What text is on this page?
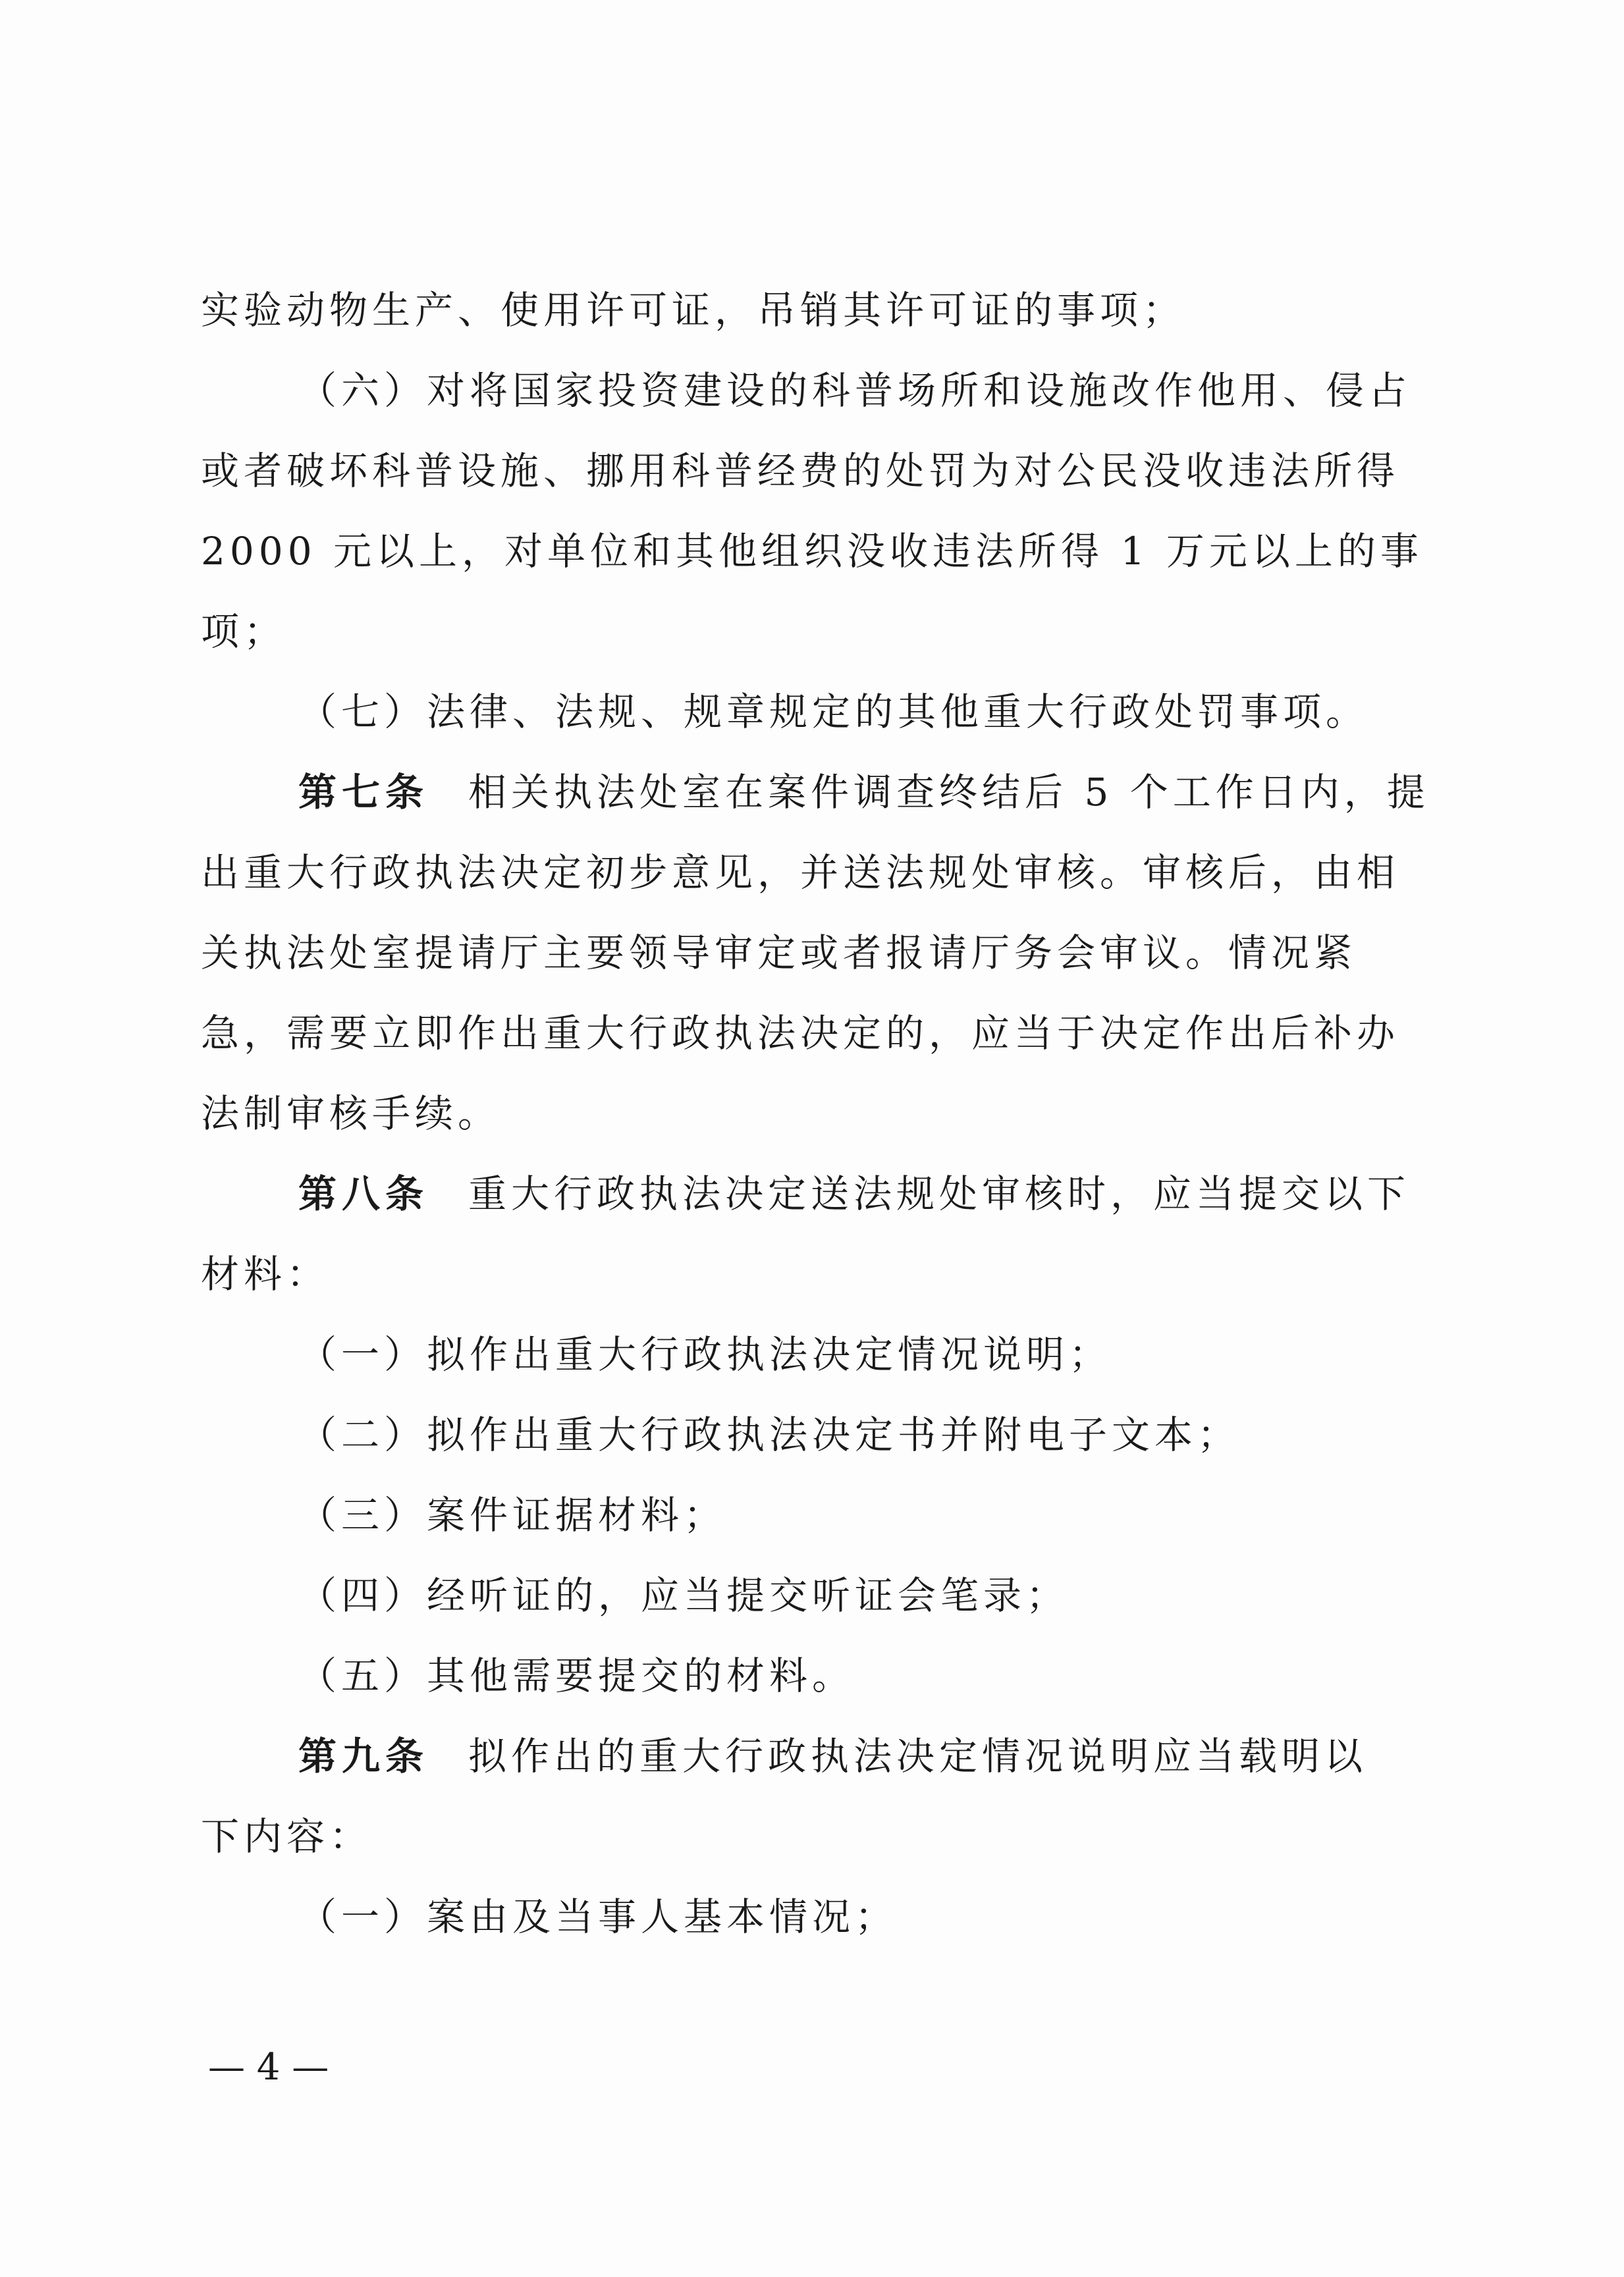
实验动物生产、使用许可证，吊销其许可证的事项；
（六）对将国家投资建设的科普场所和设施改作他用、侵占
或者破坏科普设施、挪用科普经费的处罚为对公民没收违法所得
2000 元以上，对单位和其他组织没收违法所得 1 万元以上的事
项；
（七）法律、法规、规章规定的其他重大行政处罚事项。
第七条 相关执法处室在案件调查终结后 5 个工作日内，提
出重大行政执法决定初步意见，并送法规处审核。审核后，由相
关执法处室提请厅主要领导审定或者报请厅务会审议。情况紧
急，需要立即作出重大行政执法决定的，应当于决定作出后补办
法制审核手续。
第八条 重大行政执法决定送法规处审核时，应当提交以下
材料：
（一）拟作出重大行政执法决定情况说明；
（二）拟作出重大行政执法决定书并附电子文本；
（三）案件证据材料；
（四）经听证的，应当提交听证会笔录；
（五）其他需要提交的材料。
第九条 拟作出的重大行政执法决定情况说明应当载明以
下内容：
（一）案由及当事人基本情况；
— 4 —
